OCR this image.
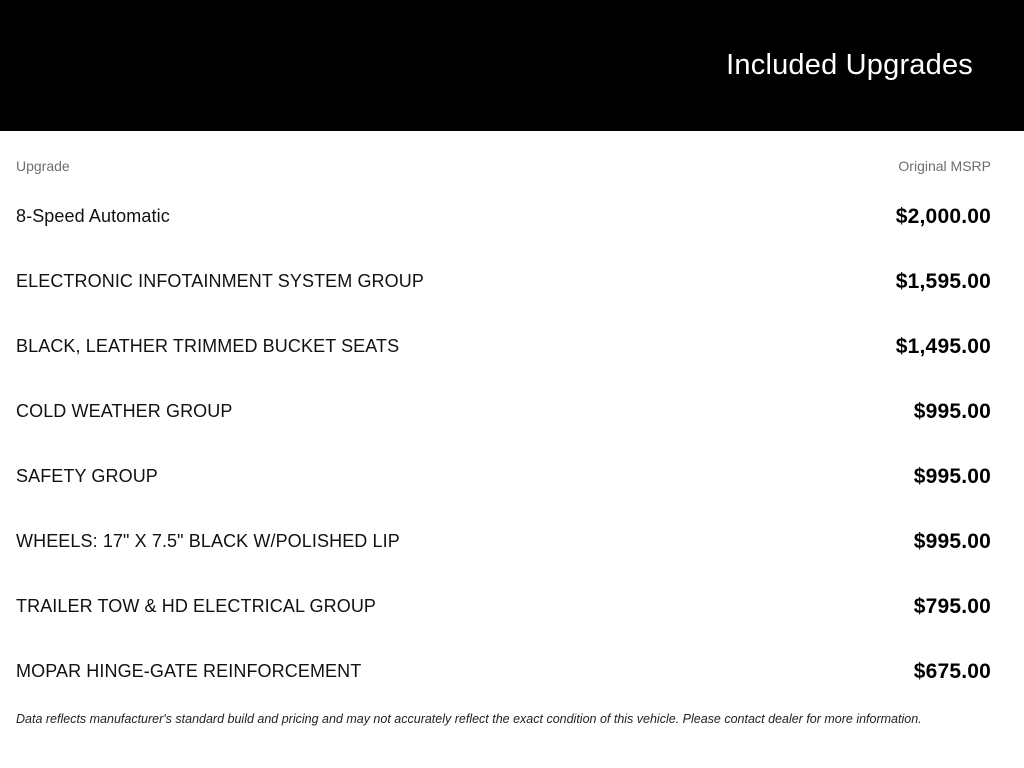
Included Upgrades
Upgrade	Original MSRP
8-Speed Automatic	$2,000.00
ELECTRONIC INFOTAINMENT SYSTEM GROUP	$1,595.00
BLACK, LEATHER TRIMMED BUCKET SEATS	$1,495.00
COLD WEATHER GROUP	$995.00
SAFETY GROUP	$995.00
WHEELS: 17" X 7.5" BLACK W/POLISHED LIP	$995.00
TRAILER TOW & HD ELECTRICAL GROUP	$795.00
MOPAR HINGE-GATE REINFORCEMENT	$675.00

Data reflects manufacturer's standard build and pricing and may not accurately reflect the exact condition of this vehicle. Please contact dealer for more information.
